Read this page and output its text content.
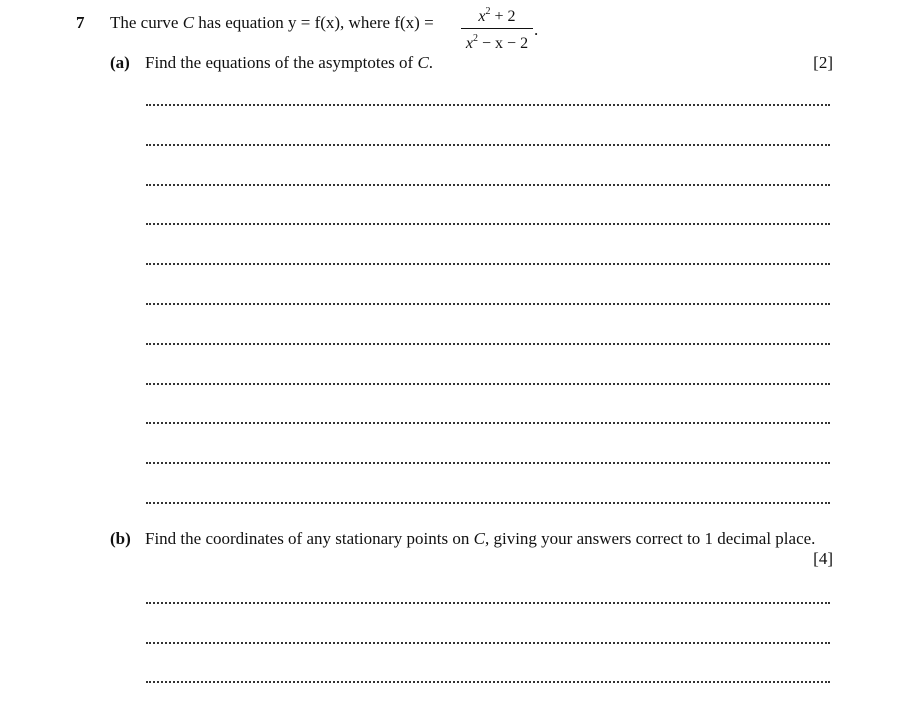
7 The curve C has equation y = f(x), where $f(x) = \frac{x^2 + 2}{x^2 - x - 2}$ .
(a) Find the equations of the asymptotes of C.	[2]
(b) Find the coordinates of any stationary points on C, giving your answers correct to 1 decimal place.
[4]
